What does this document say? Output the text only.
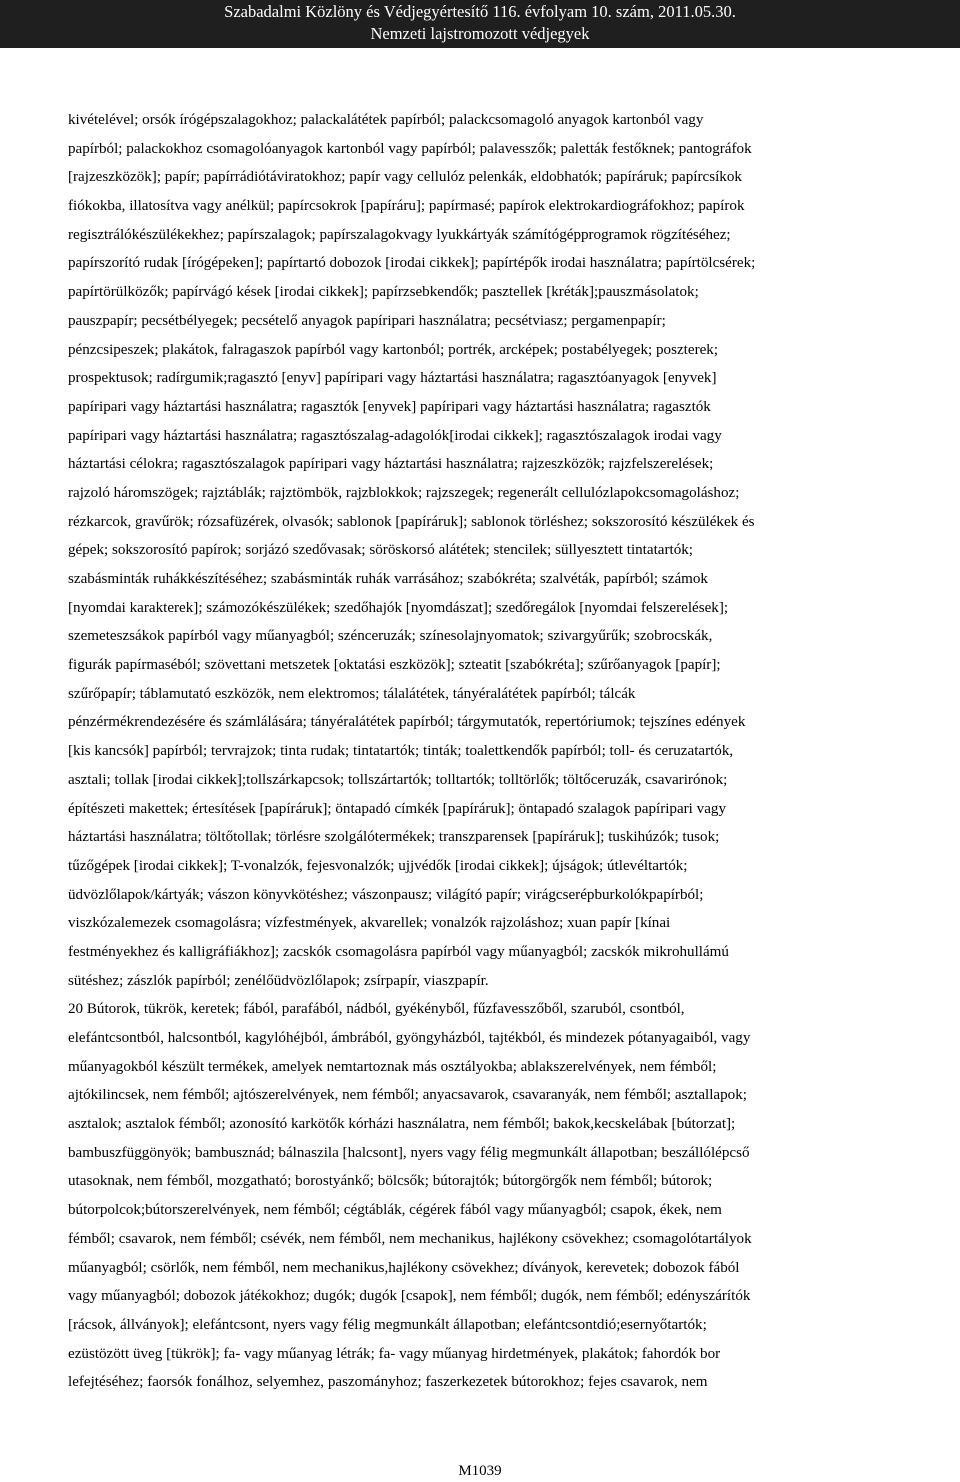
Szabadalmi Közlöny és Védjegyértesítő 116. évfolyam 10. szám, 2011.05.30.
Nemzeti lajstromozott védjegyek
kivételével; orsók írógépszalagokhoz; palackalátétek papírból; palackcsomagoló anyagok kartonból vagy
papírból; palackokhoz csomagolóanyagok kartonból vagy papírból; palavesszők; paletták festőknek; pantográfok
[rajzeszközök]; papír; papírrádiótáviratokhoz; papír vagy cellulóz pelenkák, eldobhatók; papíráruk; papírcsíkok
fiókokba, illatosítva vagy anélkül; papírcsokrok [papíráru]; papírmasé; papírok elektrokardiográfokhoz; papírok
regisztrálókészülékekhez; papírszalagok; papírszalagokvagy lyukkártyák számítógépprogramok rögzítéséhez;
papírszorító rudak [írógépeken]; papírtartó dobozok [irodai cikkek]; papírtépők irodai használatra; papírtölcsérek;
papírtörülközők; papírvágó kések [irodai cikkek]; papírzsebkendők; pasztellek [kréták];pauszmásolatok;
pauszpapír; pecsétbélyegek; pecsételő anyagok papíripari használatra; pecsétviasz; pergamenpapír;
pénzcsipeszek; plakátok, falragaszok papírból vagy kartonból; portrék, arcképek; postabélyegek; poszterek;
prospektusok; radírgumik;ragasztó [enyv] papíripari vagy háztartási használatra; ragasztóanyagok [enyvek]
papíripari vagy háztartási használatra; ragasztók [enyvek] papíripari vagy háztartási használatra; ragasztók
papíripari vagy háztartási használatra; ragasztószalag-adagolók[irodai cikkek]; ragasztószalagok irodai vagy
háztartási célokra; ragasztószalagok papíripari vagy háztartási használatra; rajzeszközök; rajzfelszerelések;
rajzoló háromszögek; rajztáblák; rajztömbök, rajzblokkok; rajzszegek; regenerált cellulózlapokcsomagoláshoz;
rézkarcok, gravűrök; rózsafüzérek, olvasók; sablonok [papíráruk]; sablonok törléshez; sokszorosító készülékek és
gépek; sokszorosító papírok; sorjázó szedővasak; söröskorsó alátétek; stencilek; süllyesztett tintatartók;
szabásminták ruhákkészítéséhez; szabásminták ruhák varrásához; szabókréta; szalvéták, papírból; számok
[nyomdai karakterek]; számozókészülékek; szedőhajók [nyomdászat]; szedőregálok [nyomdai felszerelések];
szemeteszsákok papírból vagy műanyagból; szénceruzák; színesolajnyomatok; szivargyűrűk; szobrocskák,
figurák papírmaséból; szövettani metszetek [oktatási eszközök]; szteatit [szabókréta]; szűrőanyagok [papír];
szűrőpapír; táblamutató eszközök, nem elektromos; tálalátétek, tányéralátétek papírból; tálcák
pénzérmékrendezésére és számlálására; tányéralátétek papírból; tárgymutatók, repertóriumok; tejszínes edények
[kis kancsók] papírból; tervrajzok; tinta rudak; tintatartók; tinták; toalettkendők papírból; toll- és ceruzatartók,
asztali; tollak [irodai cikkek];tollszárkapcsok; tollszártartók; tolltartók; tolltörlők; töltőceruzák, csavarirónok;
építészeti makettek; értesítések [papíráruk]; öntapadó címkék [papíráruk]; öntapadó szalagok papíripari vagy
háztartási használatra; töltőtollak; törlésre szolgálótermékek; transzparensek [papíráruk]; tuskihúzók; tusok;
tűzőgépek [irodai cikkek]; T-vonalzók, fejesvonalzók; ujjvédők [irodai cikkek]; újságok; útlevéltartók;
üdvözlőlapok/kártyák; vászon könyvkötéshez; vászonpausz; világító papír; virágcserépburkolókpapírból;
viszkózalemezek csomagolásra; vízfestmények, akvarellek; vonalzók rajzoláshoz; xuan papír [kínai
festményekhez és kalligráfiákhoz]; zacskók csomagolásra papírból vagy műanyagból; zacskók mikrohullámú
sütéshez; zászlók papírból; zenélőüdvözlőlapok; zsírpapír, viaszpapír.
20 Bútorok, tükrök, keretek; fából, parafából, nádból, gyékényből, fűzfavesszőből, szaruból, csontból,
elefántcsontból, halcsontból, kagylóhéjból, ámbrából, gyöngyházból, tajtékból, és mindezek pótanyagaiból, vagy
műanyagokból készült termékek, amelyek nemtartoznak más osztályokba; ablakszerelvények, nem fémből;
ajtókilincsek, nem fémből; ajtószerelvények, nem fémből; anyacsavarok, csavaranyák, nem fémből; asztallapok;
asztalok; asztalok fémből; azonosító karkötők kórházi használatra, nem fémből; bakok,kecskelábak [bútorzat];
bambuszfüggönyök; bambusznád; bálnaszila [halcsont], nyers vagy félig megmunkált állapotban; beszállólépcső
utasoknak, nem fémből, mozgatható; borostyánkő; bölcsők; bútorajtók; bútorgörgők nem fémből; bútorok;
bútorpolcok;bútorszerelvények, nem fémből; cégtáblák, cégérek fából vagy műanyagból; csapok, ékek, nem
fémből; csavarok, nem fémből; csévék, nem fémből, nem mechanikus, hajlékony csövekhez; csomagolótartályok
műanyagból; csörlők, nem fémből, nem mechanikus,hajlékony csövekhez; díványok, kerevetek; dobozok fából
vagy műanyagból; dobozok játékokhoz; dugók; dugók [csapok], nem fémből; dugók, nem fémből; edényszárítók
[rácsok, állványok]; elefántcsont, nyers vagy félig megmunkált állapotban; elefántcsontdió;esernyőtartók;
ezüstözött üveg [tükrök]; fa- vagy műanyag létrák; fa- vagy műanyag hirdetmények, plakátok; fahordók bor
lefejtéséhez; faorsók fonálhoz, selyemhez, paszományhoz; faszerkezetek bútorokhoz; fejes csavarok, nem
M1039
